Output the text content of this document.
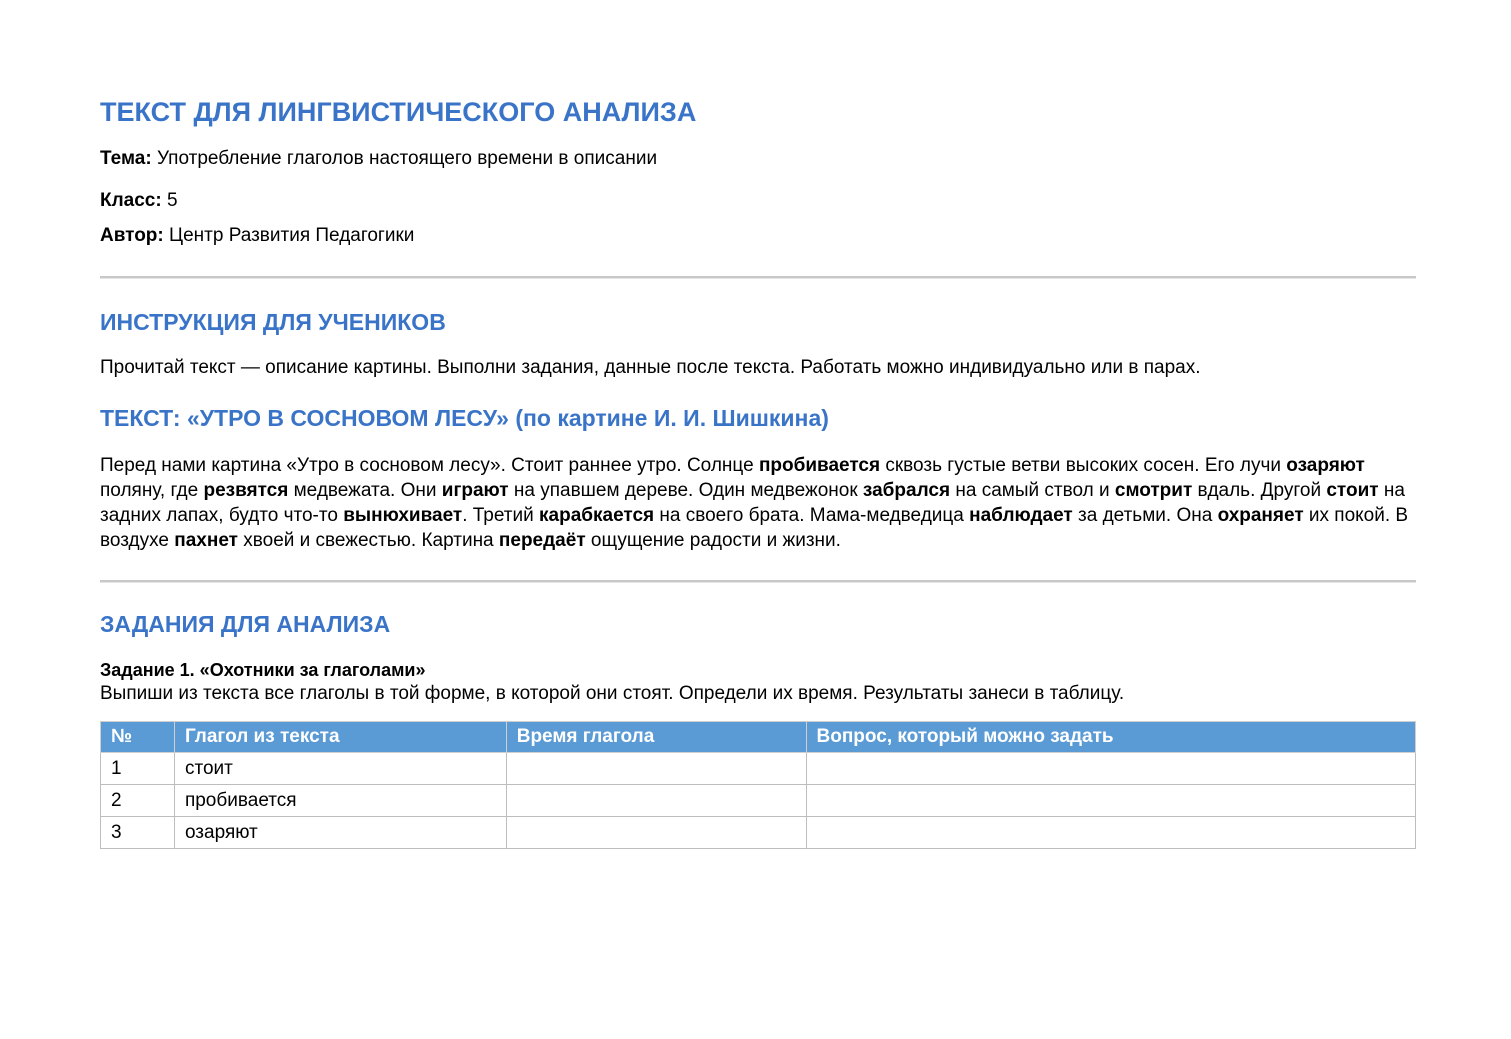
ТЕКСТ ДЛЯ ЛИНГВИСТИЧЕСКОГО АНАЛИЗА

Тема: Употребление глаголов настоящего времени в описании

Класс: 5

Автор: Центр Развития Педагогики

ИНСТРУКЦИЯ ДЛЯ УЧЕНИКОВ

Прочитай текст — описание картины. Выполни задания, данные после текста. Работать можно индивидуально или в парах.

ТЕКСТ: «УТРО В СОСНОВОМ ЛЕСУ» (по картине И. И. Шишкина)

Перед нами картина «Утро в сосновом лесу». Стоит раннее утро. Солнце пробивается сквозь густые ветви высоких сосен. Его лучи озаряют поляну, где резвятся медвежата. Они играют на упавшем дереве. Один медвежонок забрался на самый ствол и смотрит вдаль. Другой стоит на задних лапах, будто что-то вынюхивает. Третий карабкается на своего брата. Мама-медведица наблюдает за детьми. Она охраняет их покой. В воздухе пахнет хвоей и свежестью. Картина передаёт ощущение радости и жизни.

ЗАДАНИЯ ДЛЯ АНАЛИЗА

Задание 1. «Охотники за глаголами»

Выпиши из текста все глаголы в той форме, в которой они стоят. Определи их время. Результаты занеси в таблицу.

№	Глагол из текста	Время глагола	Вопрос, который можно задать
1	стоит		
2	пробивается		
3	озаряют		
